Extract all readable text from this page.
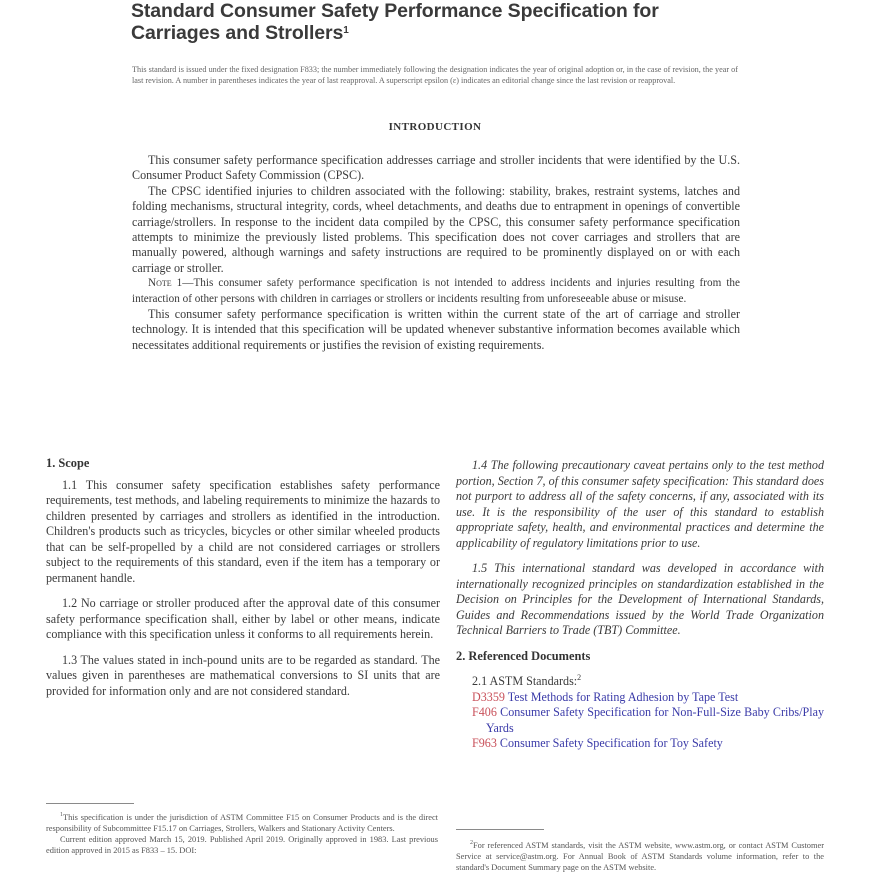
Standard Consumer Safety Performance Specification for
Carriages and Strollers$^1$
This standard is issued under the fixed designation F833; the number immediately following the designation indicates the year of original adoption or, in the case of revision, the year of last revision. A number in parentheses indicates the year of last reapproval. A superscript epsilon (ε) indicates an editorial change since the last revision or reapproval.
INTRODUCTION

This consumer safety performance specification addresses carriage and stroller incidents that were identified by the U.S. Consumer Product Safety Commission (CPSC).

The CPSC identified injuries to children associated with the following: stability, brakes, restraint systems, latches and folding mechanisms, structural integrity, cords, wheel detachments, and deaths due to entrapment in openings of convertible carriage/strollers. In response to the incident data compiled by the CPSC, this consumer safety performance specification attempts to minimize the previously listed problems. This specification does not cover carriages and strollers that are manually powered, although warnings and safety instructions are required to be prominently displayed on or with each carriage or stroller.

Note 1—This consumer safety performance specification is not intended to address incidents and injuries resulting from the interaction of other persons with children in carriages or strollers or incidents resulting from unforeseeable abuse or misuse.

This consumer safety performance specification is written within the current state of the art of carriage and stroller technology. It is intended that this specification will be updated whenever substantive information becomes available which necessitates additional requirements or justifies the revision of existing requirements.

1. Scope

1.1 This consumer safety specification establishes safety performance requirements, test methods, and labeling requirements to minimize the hazards to children presented by carriages and strollers as identified in the introduction. Children's products such as tricycles, bicycles or other similar wheeled products that can be self-propelled by a child are not considered carriages or strollers subject to the requirements of this standard, even if the item has a temporary or permanent handle.

1.2 No carriage or stroller produced after the approval date of this consumer safety performance specification shall, either by label or other means, indicate compliance with this specification unless it conforms to all requirements herein.

1.3 The values stated in inch-pound units are to be regarded as standard. The values given in parentheses are mathematical conversions to SI units that are provided for information only and are not considered standard.

1.4 The following precautionary caveat pertains only to the test method portion, Section 7, of this consumer safety specification: This standard does not purport to address all of the safety concerns, if any, associated with its use. It is the responsibility of the user of this standard to establish appropriate safety, health, and environmental practices and determine the applicability of regulatory limitations prior to use.

1.5 This international standard was developed in accordance with internationally recognized principles on standardization established in the Decision on Principles for the Development of International Standards, Guides and Recommendations issued by the World Trade Organization Technical Barriers to Trade (TBT) Committee.

2. Referenced Documents
2.1 ASTM Standards:$^2$
D3359 Test Methods for Rating Adhesion by Tape Test
F406 Consumer Safety Specification for Non-Full-Size Baby Cribs/Play Yards
F963 Consumer Safety Specification for Toy Safety

$^1$This specification is under the jurisdiction of ASTM Committee F15 on Consumer Products and is the direct responsibility of Subcommittee F15.17 on Carriages, Strollers, Walkers and Stationary Activity Centers.

Current edition approved March 15, 2019. Published April 2019. Originally approved in 1983. Last previous edition approved in 2015 as F833 – 15. DOI:

$^2$For referenced ASTM standards, visit the ASTM website, www.astm.org, or contact ASTM Customer Service at service@astm.org. For Annual Book of ASTM Standards volume information, refer to the standard's Document Summary page on the ASTM website.
